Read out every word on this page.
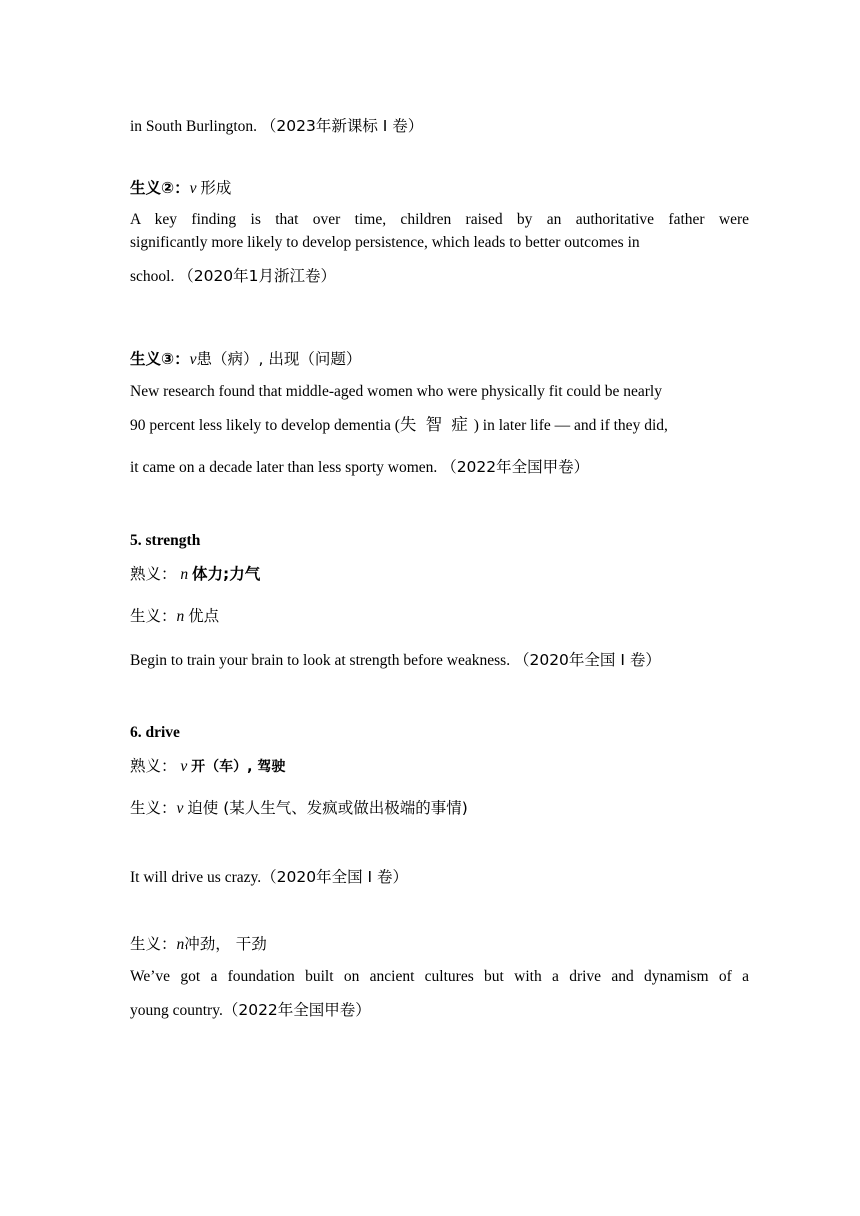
in South Burlington. （2023年新课标 I 卷）
生义②：v 形成
A key finding is that over time, children raised by an authoritative father were
significantly more likely to develop persistence, which leads to better outcomes in
school. （2020年1月浙江卷）
生义③：v患（病）, 出现（问题）
New research found that middle-aged women who were physically fit could be nearly
90 percent less likely to develop dementia (失 智 症 ) in later life — and if they did,
it came on a decade later than less sporty women. （2022年全国甲卷）
5. strength
熟义： n 体力;力气
生义：n 优点
Begin to train your brain to look at strength before weakness. （2020年全国 I 卷）
6. drive
熟义： v 开（车）, 驾驶
生义：v 迫使 (某人生气、发疯或做出极端的事情)
It will drive us crazy.（2020年全国 I 卷）
生义：n冲劲， 干劲
We’ve got a foundation built on ancient cultures but with a drive and dynamism of a
young country.（2022年全国甲卷）
